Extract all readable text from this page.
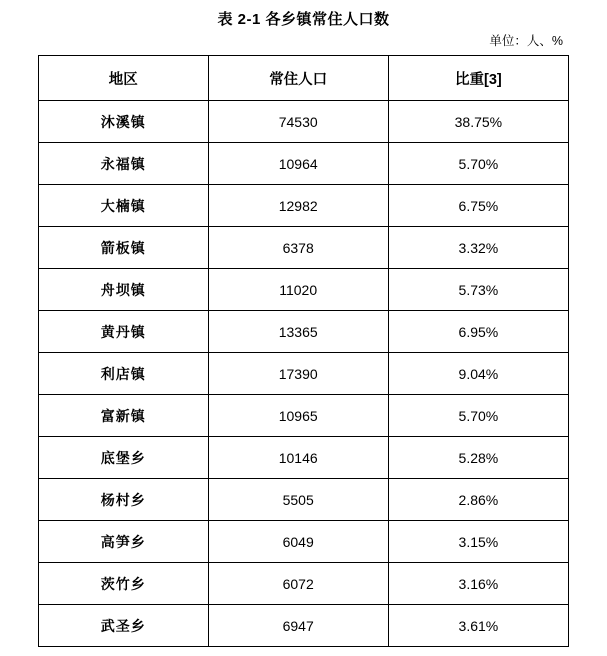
表 2-1 各乡镇常住人口数
单位：人、%
地区	常住人口	比重[3]
沐溪镇	74530	38.75%
永福镇	10964	5.70%
大楠镇	12982	6.75%
箭板镇	6378	3.32%
舟坝镇	11020	5.73%
黄丹镇	13365	6.95%
利店镇	17390	9.04%
富新镇	10965	5.70%
底堡乡	10146	5.28%
杨村乡	5505	2.86%
高笋乡	6049	3.15%
茨竹乡	6072	3.16%
武圣乡	6947	3.61%
